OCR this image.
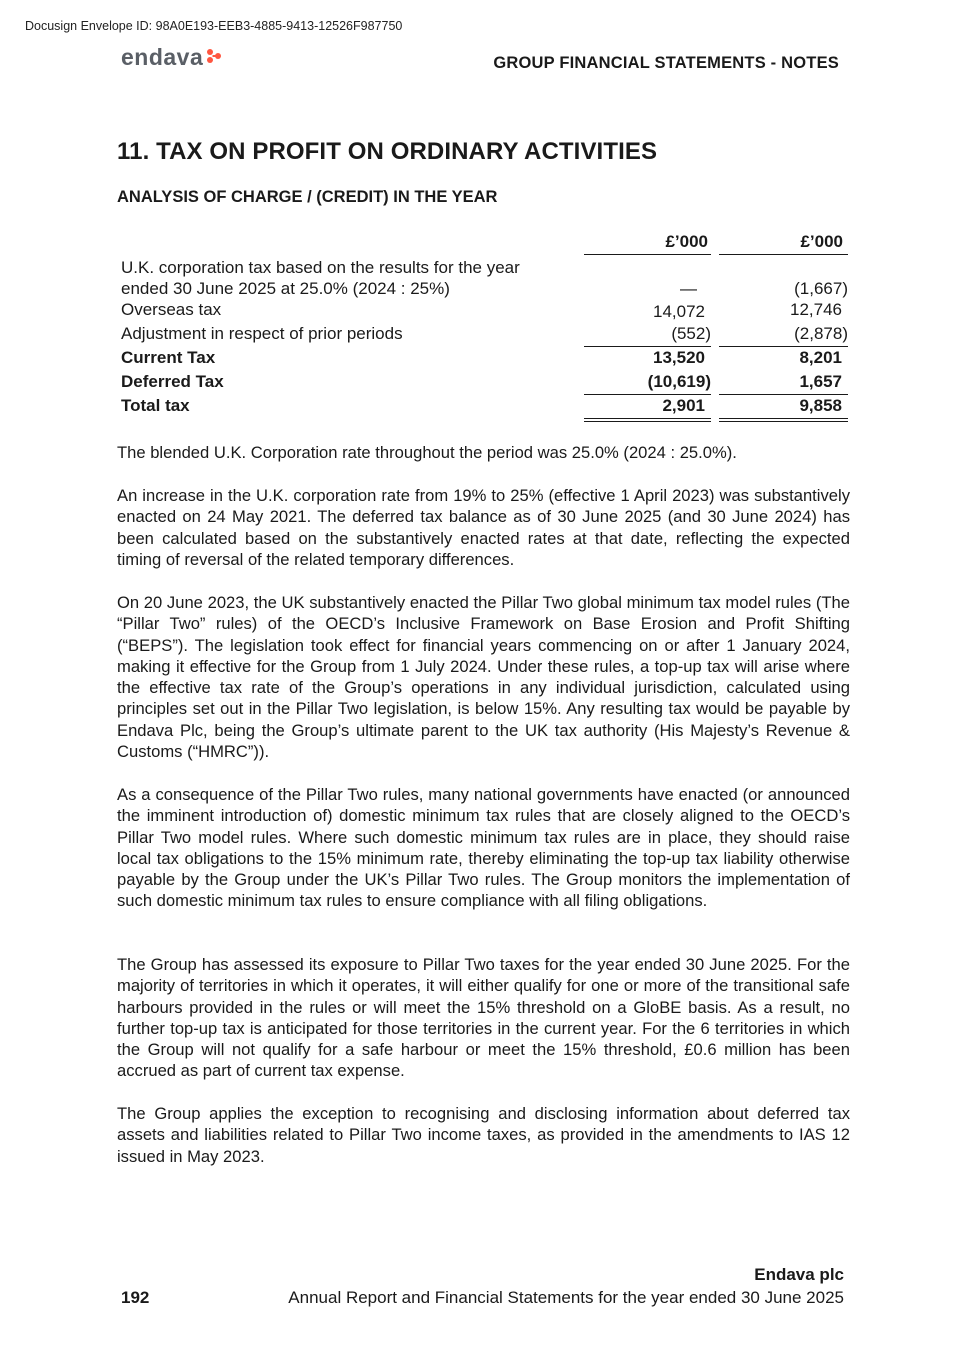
Docusign Envelope ID: 98A0E193-EEB3-4885-9413-12526F987750
endava	GROUP FINANCIAL STATEMENTS - NOTES
11. TAX ON PROFIT ON ORDINARY ACTIVITIES
ANALYSIS OF CHARGE / (CREDIT) IN THE YEAR
£’000	£’000
U.K. corporation tax based on the results for the year
ended 30 June 2025 at 25.0% (2024 : 25%)	—	(1,667)
Overseas tax	14,072	12,746
Adjustment in respect of prior periods	(552)	(2,878)
Current Tax	13,520	8,201
Deferred Tax	(10,619)	1,657
Total tax	2,901	9,858

The blended U.K. Corporation rate throughout the period was 25.0% (2024 : 25.0%).

An increase in the U.K. corporation rate from 19% to 25% (effective 1 April 2023) was substantively enacted on 24 May 2021. The deferred tax balance as of 30 June 2025 (and 30 June 2024) has been calculated based on the substantively enacted rates at that date, reflecting the expected timing of reversal of the related temporary differences.

On 20 June 2023, the UK substantively enacted the Pillar Two global minimum tax model rules (The “Pillar Two” rules) of the OECD’s Inclusive Framework on Base Erosion and Profit Shifting (“BEPS”). The legislation took effect for financial years commencing on or after 1 January 2024, making it effective for the Group from 1 July 2024. Under these rules, a top-up tax will arise where the effective tax rate of the Group’s operations in any individual jurisdiction, calculated using principles set out in the Pillar Two legislation, is below 15%. Any resulting tax would be payable by Endava Plc, being the Group’s ultimate parent to the UK tax authority (His Majesty’s Revenue & Customs (“HMRC”)).

As a consequence of the Pillar Two rules, many national governments have enacted (or announced the imminent introduction of) domestic minimum tax rules that are closely aligned to the OECD’s Pillar Two model rules. Where such domestic minimum tax rules are in place, they should raise local tax obligations to the 15% minimum rate, thereby eliminating the top-up tax liability otherwise payable by the Group under the UK’s Pillar Two rules. The Group monitors the implementation of such domestic minimum tax rules to ensure compliance with all filing obligations.

The Group has assessed its exposure to Pillar Two taxes for the year ended 30 June 2025. For the majority of territories in which it operates, it will either qualify for one or more of the transitional safe harbours provided in the rules or will meet the 15% threshold on a GloBE basis. As a result, no further top-up tax is anticipated for those territories in the current year. For the 6 territories in which the Group will not qualify for a safe harbour or meet the 15% threshold, £0.6 million has been accrued as part of current tax expense.

The Group applies the exception to recognising and disclosing information about deferred tax assets and liabilities related to Pillar Two income taxes, as provided in the amendments to IAS 12 issued in May 2023.

Endava plc
192	Annual Report and Financial Statements for the year ended 30 June 2025
